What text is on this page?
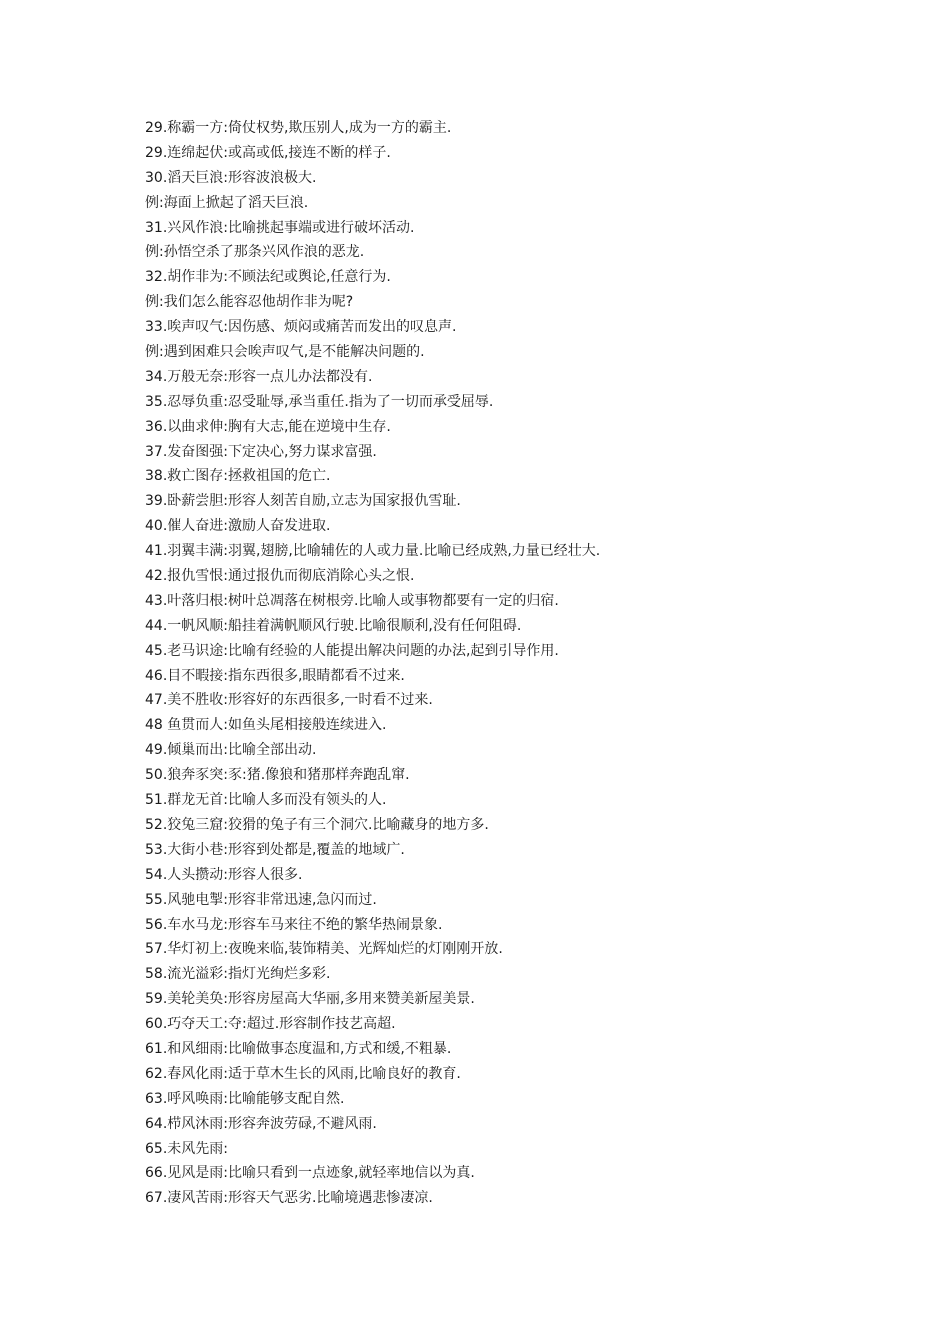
29.称霸一方:倚仗权势,欺压别人,成为一方的霸主.
29.连绵起伏:或高或低,接连不断的样子.
30.滔天巨浪:形容波浪极大.
例:海面上掀起了滔天巨浪.
31.兴风作浪:比喻挑起事端或进行破坏活动.
例:孙悟空杀了那条兴风作浪的恶龙.
32.胡作非为:不顾法纪或舆论,任意行为.
例:我们怎么能容忍他胡作非为呢?
33.唉声叹气:因伤感、烦闷或痛苦而发出的叹息声.
例:遇到困难只会唉声叹气,是不能解决问题的.
34.万般无奈:形容一点儿办法都没有.
35.忍辱负重:忍受耻辱,承当重任.指为了一切而承受屈辱.
36.以曲求伸:胸有大志,能在逆境中生存.
37.发奋图强:下定决心,努力谋求富强.
38.救亡图存:拯救祖国的危亡.
39.卧薪尝胆:形容人刻苦自励,立志为国家报仇雪耻.
40.催人奋进:激励人奋发进取.
41.羽翼丰满:羽翼,翅膀,比喻辅佐的人或力量.比喻已经成熟,力量已经壮大.
42.报仇雪恨:通过报仇而彻底消除心头之恨.
43.叶落归根:树叶总凋落在树根旁.比喻人或事物都要有一定的归宿.
44.一帆风顺:船挂着满帆顺风行驶.比喻很顺利,没有任何阻碍.
45.老马识途:比喻有经验的人能提出解决问题的办法,起到引导作用.
46.目不暇接:指东西很多,眼睛都看不过来.
47.美不胜收:形容好的东西很多,一时看不过来.
48 鱼贯而人:如鱼头尾相接般连续进入.
49.倾巢而出:比喻全部出动.
50.狼奔豕突:豕:猪.像狼和猪那样奔跑乱窜.
51.群龙无首:比喻人多而没有领头的人.
52.狡兔三窟:狡猾的兔子有三个洞穴.比喻藏身的地方多.
53.大街小巷:形容到处都是,覆盖的地域广.
54.人头攒动:形容人很多.
55.风驰电掣:形容非常迅速,急闪而过.
56.车水马龙:形容车马来往不绝的繁华热闹景象.
57.华灯初上:夜晚来临,装饰精美、光辉灿烂的灯刚刚开放.
58.流光溢彩:指灯光绚烂多彩.
59.美轮美奂:形容房屋高大华丽,多用来赞美新屋美景.
60.巧夺天工:夺:超过.形容制作技艺高超.
61.和风细雨:比喻做事态度温和,方式和缓,不粗暴.
62.春风化雨:适于草木生长的风雨,比喻良好的教育.
63.呼风唤雨:比喻能够支配自然.
64.栉风沐雨:形容奔波劳碌,不避风雨.
65.未风先雨:
66.见风是雨:比喻只看到一点迹象,就轻率地信以为真.
67.凄风苦雨:形容天气恶劣.比喻境遇悲惨凄凉.
